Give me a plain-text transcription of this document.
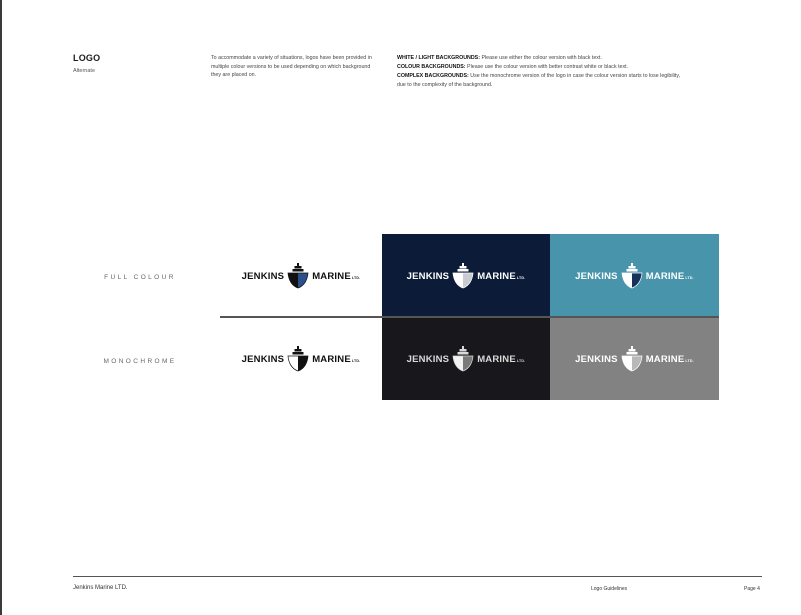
LOGO
Alternate
To accommodate a variety of situations, logos have been provided in multiple colour versions to be used depending on which background they are placed on.

WHITE / LIGHT BACKGROUNDS: Please use either the colour version with black text.

COLOUR BACKGROUNDS: Please use the colour version with better contrast white or black text.

COMPLEX BACKGROUNDS: Use the monochrome version of the logo in case the colour version starts to lose legibility, due to the complexity of the background.

FULL COLOUR
MONOCHROME
JENKINS	MARINE LTD.	JENKINS	MARINE LTD.	JENKINS	MARINE LTD.
JENKINS	MARINE LTD.	JENKINS	MARINE LTD.	JENKINS	MARINE LTD.
Jenkins Marine LTD.	Logo Guidelines	Page 4
